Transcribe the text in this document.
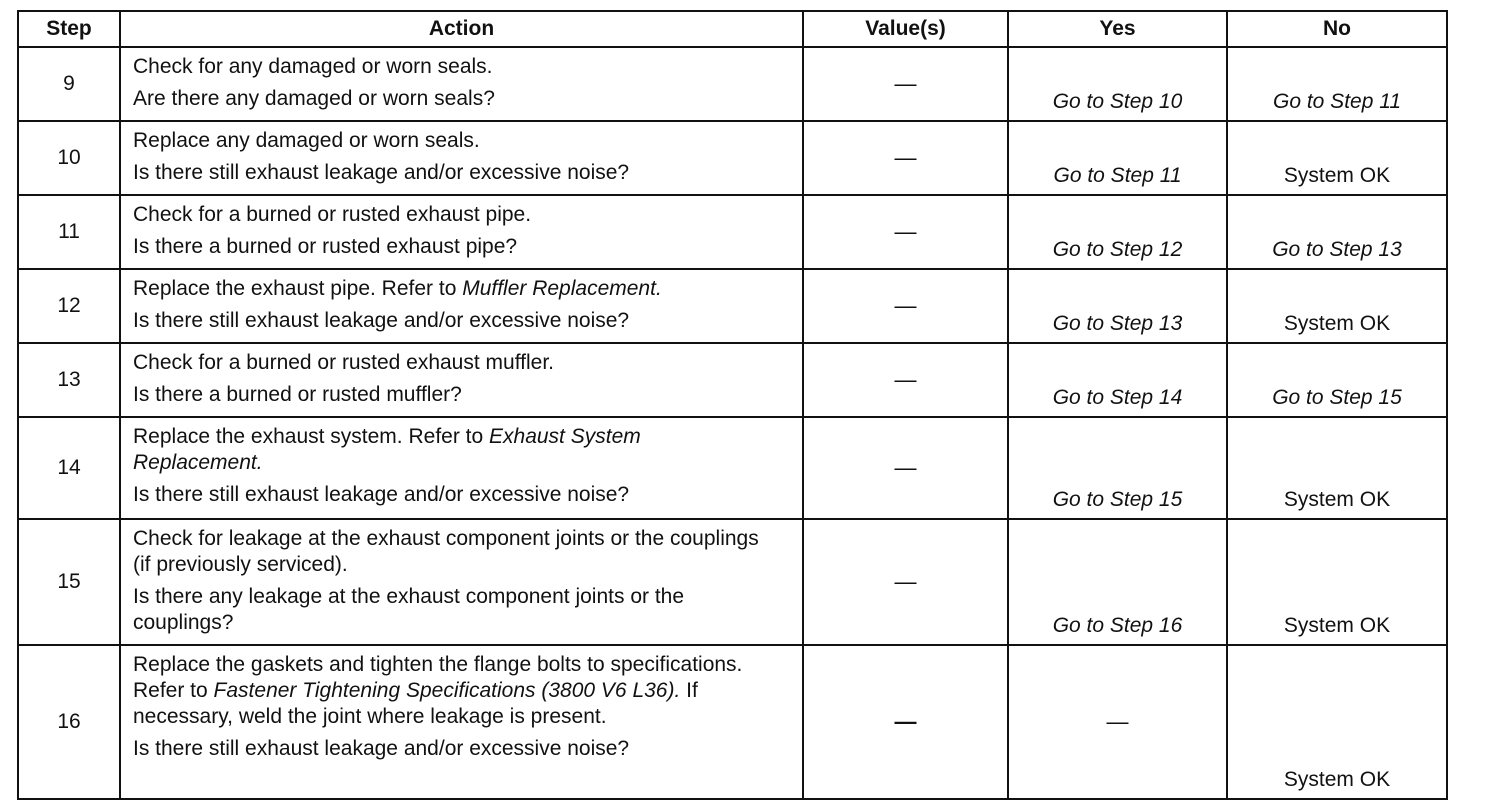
Step	Action	Value(s)	Yes	No
9	Check for any damaged or worn seals.
Are there any damaged or worn seals?	—	Go to Step 10	Go to Step 11
10	Replace any damaged or worn seals.
Is there still exhaust leakage and/or excessive noise?	—	Go to Step 11	System OK
11	Check for a burned or rusted exhaust pipe.
Is there a burned or rusted exhaust pipe?	—	Go to Step 12	Go to Step 13
12	Replace the exhaust pipe. Refer to Muffler Replacement.
Is there still exhaust leakage and/or excessive noise?	—	Go to Step 13	System OK
13	Check for a burned or rusted exhaust muffler.
Is there a burned or rusted muffler?	—	Go to Step 14	Go to Step 15
14	Replace the exhaust system. Refer to Exhaust System Replacement.
Is there still exhaust leakage and/or excessive noise?	—	Go to Step 15	System OK
15	Check for leakage at the exhaust component joints or the couplings (if previously serviced).
Is there any leakage at the exhaust component joints or the couplings?	—	Go to Step 16	System OK
16	Replace the gaskets and tighten the flange bolts to specifications. Refer to Fastener Tightening Specifications (3800 V6 L36). If necessary, weld the joint where leakage is present.
Is there still exhaust leakage and/or excessive noise?	—	—	System OK
